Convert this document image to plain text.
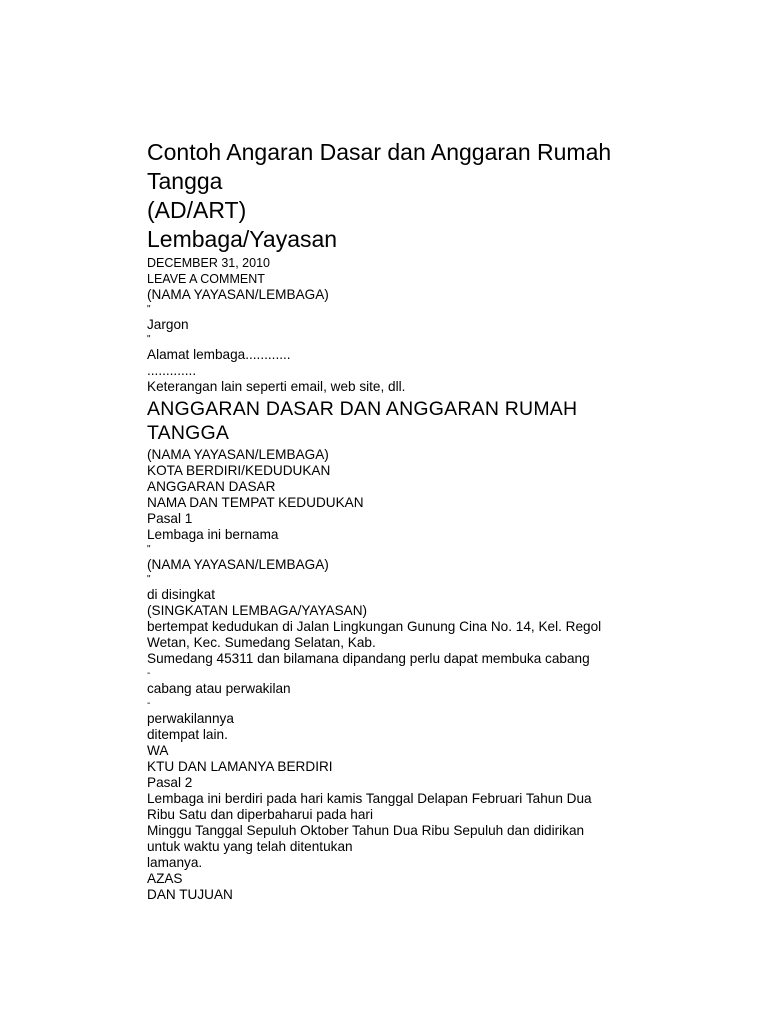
Contoh Angaran Dasar dan Anggaran Rumah

Tangga

(AD/ART)

Lembaga/Yayasan

DECEMBER 31, 2010

LEAVE A COMMENT

(NAMA YAYASAN/LEMBAGA)

"

Jargon

"

Alamat lembaga............

.............

Keterangan lain seperti email, web site, dll.

ANGGARAN DASAR DAN ANGGARAN RUMAH

TANGGA

(NAMA YAYASAN/LEMBAGA)

KOTA BERDIRI/KEDUDUKAN

ANGGARAN DASAR

NAMA DAN TEMPAT KEDUDUKAN

Pasal 1

Lembaga ini bernama

"

(NAMA YAYASAN/LEMBAGA)

"

di disingkat

(SINGKATAN LEMBAGA/YAYASAN)

bertempat kedudukan di Jalan Lingkungan Gunung Cina No. 14, Kel. Regol

Wetan, Kec. Sumedang Selatan, Kab.

Sumedang 45311 dan bilamana dipandang perlu dapat membuka cabang

-

cabang atau perwakilan

-

perwakilannya

ditempat lain.

WA

KTU DAN LAMANYA BERDIRI

Pasal 2

Lembaga ini berdiri pada hari kamis Tanggal Delapan Februari Tahun Dua

Ribu Satu dan diperbaharui pada hari

Minggu Tanggal Sepuluh Oktober Tahun Dua Ribu Sepuluh dan didirikan

untuk waktu yang telah ditentukan

lamanya.

AZAS

DAN TUJUAN
